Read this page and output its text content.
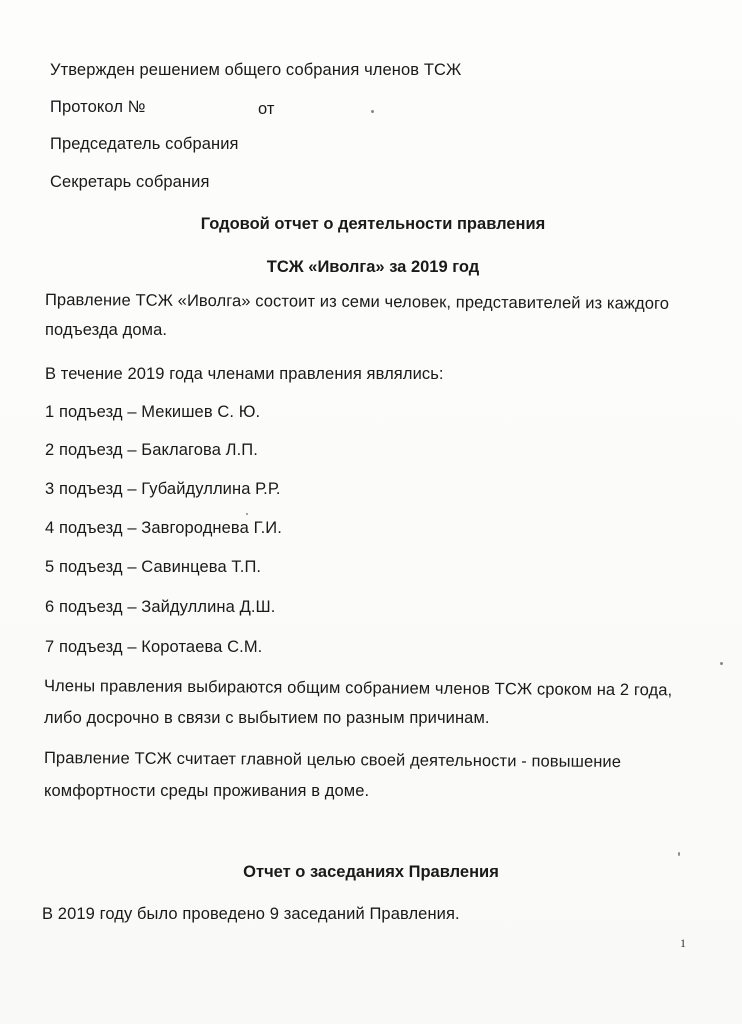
Утвержден решением общего собрания членов ТСЖ
Протокол №	от
Председатель собрания
Секретарь собрания
Годовой отчет о деятельности правления
ТСЖ «Иволга» за 2019 год
Правление ТСЖ «Иволга» состоит из семи человек, представителей из каждого
подъезда дома.
В течение 2019 года членами правления являлись:
1 подъезд – Мекишев С. Ю.
2 подъезд – Баклагова Л.П.
3 подъезд – Губайдуллина Р.Р.
4 подъезд – Завгороднева Г.И.
5 подъезд – Савинцева Т.П.
6 подъезд – Зайдуллина Д.Ш.
7 подъезд – Коротаева С.М.
Члены правления выбираются общим собранием членов ТСЖ сроком на 2 года,
либо досрочно в связи с выбытием по разным причинам.
Правление ТСЖ считает главной целью своей деятельности - повышение
комфортности среды проживания в доме.
Отчет о заседаниях Правления
В 2019 году было проведено 9 заседаний Правления.
1
